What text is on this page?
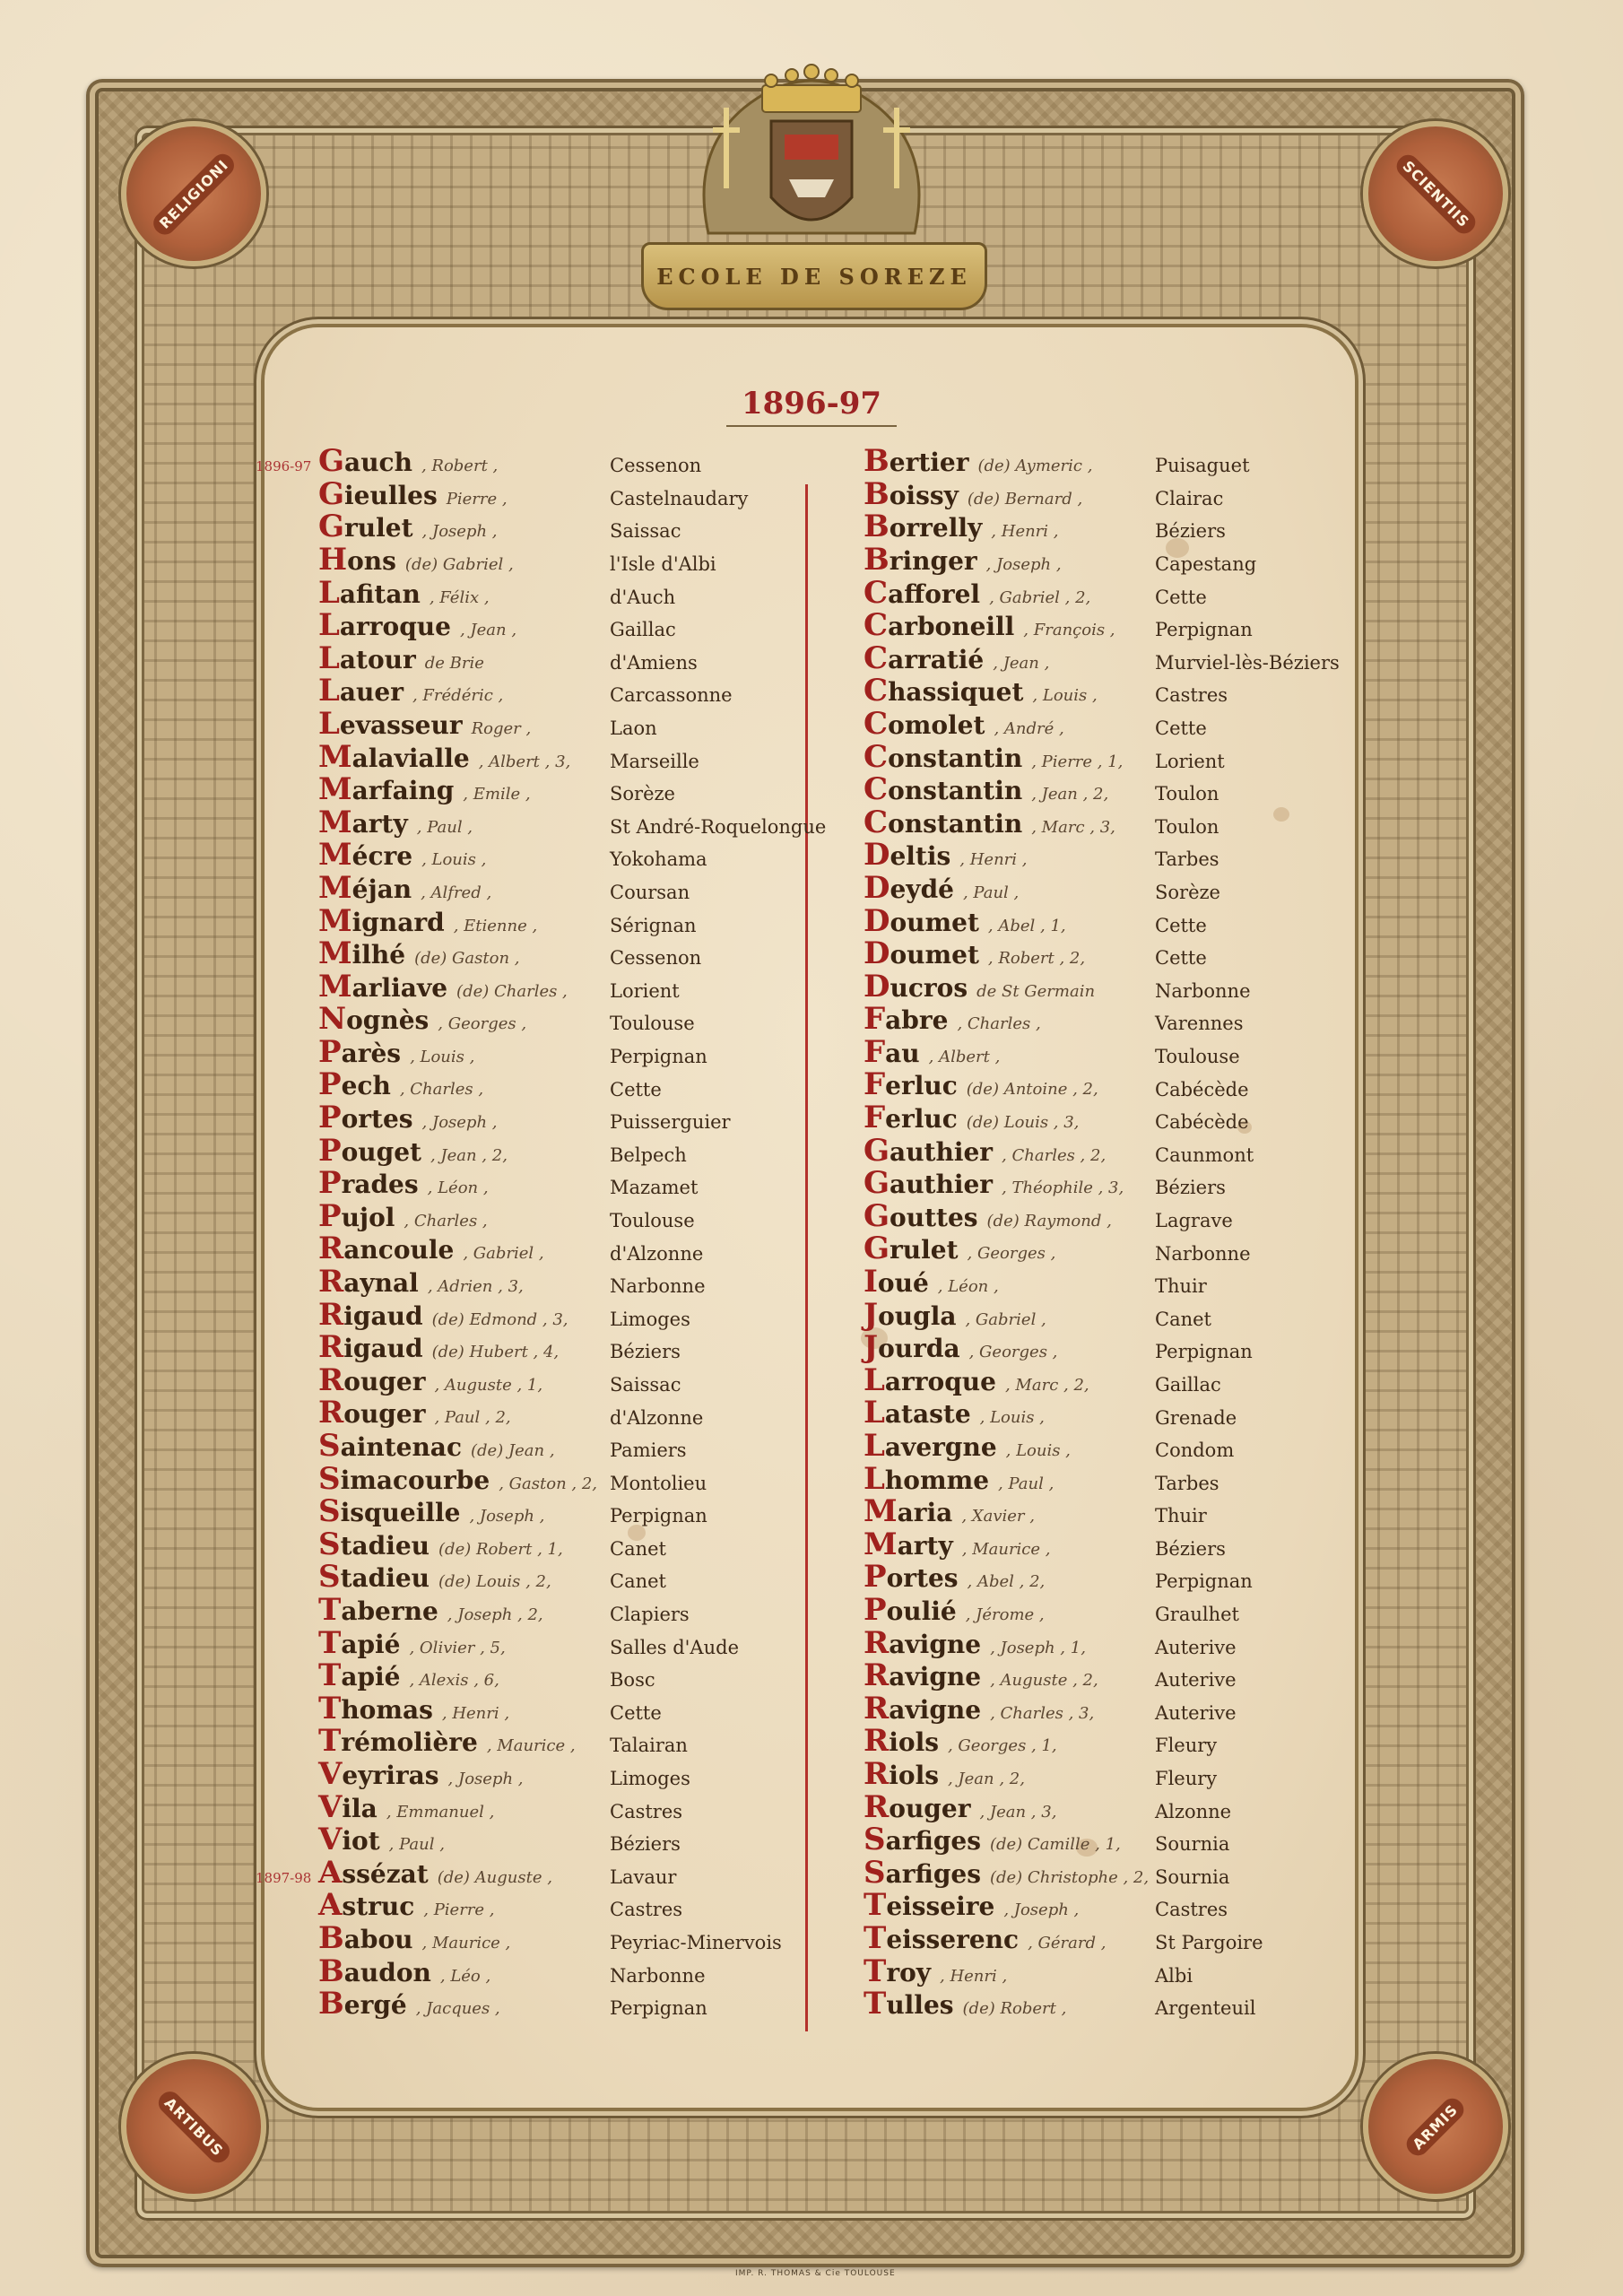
ECOLE DE SOREZE
RELIGIONI	SCIENTIIS
ARTIBUS	ARMIS
1896-97
1896-97 Gauch , Robert ,	Cessenon
Gieulles Pierre ,	Castelnaudary
Grulet , Joseph ,	Saissac
Hons (de) Gabriel ,	l'Isle d'Albi
Lafitan , Félix ,	d'Auch
Larroque , Jean ,	Gaillac
Latour de Brie	d'Amiens
Lauer , Frédéric ,	Carcassonne
Levasseur Roger ,	Laon
Malavialle , Albert , 3, Marseille
Marfaing , Emile ,	Sorèze
Marty , Paul ,	St André-Roquelongue
Mécre , Louis ,	Yokohama
Méjan , Alfred ,	Coursan
Mignard , Etienne ,	Sérignan
Milhé (de) Gaston ,	Cessenon
Marliave (de) Charles , Lorient
Nognès , Georges ,	Toulouse
Parès , Louis ,	Perpignan
Pech , Charles ,	Cette
Portes , Joseph ,	Puisserguier
Pouget , Jean , 2,	Belpech
Prades , Léon ,	Mazamet
Pujol , Charles ,	Toulouse
Rancoule , Gabriel ,	d'Alzonne
Raynal , Adrien , 3,	Narbonne
Rigaud (de) Edmond , 3, Limoges
Rigaud (de) Hubert , 4,	Béziers
Rouger , Auguste , 1,	Saissac
Rouger , Paul , 2,	d'Alzonne
Saintenac (de) Jean ,	Pamiers
Simacourbe , Gaston , 2, Montolieu
Sisqueille , Joseph ,	Perpignan
Stadieu (de) Robert , 1, Canet
Stadieu (de) Louis , 2,	Canet
Taberne , Joseph , 2,	Clapiers
Tapié , Olivier , 5,	Salles d'Aude
Tapié , Alexis , 6,	Bosc
Thomas , Henri ,	Cette
Trémolière , Maurice , Talairan
Veyriras , Joseph ,	Limoges
Vila , Emmanuel ,	Castres
Viot , Paul ,	Béziers
1897-98 Assézat (de) Auguste ,	Lavaur
Astruc , Pierre ,	Castres
Babou , Maurice ,	Peyriac-Minervois
Baudon , Léo ,	Narbonne
Bergé , Jacques ,	Perpignan
Bertier (de) Aymeric ,	Puisaguet
Boissy (de) Bernard ,	Clairac
Borrelly , Henri ,	Béziers
Bringer , Joseph ,	Capestang
Cafforel , Gabriel , 2,	Cette
Carboneill , François , Perpignan
Carratié , Jean ,	Murviel-lès-Béziers
Chassiquet , Louis ,	Castres
Comolet , André ,	Cette
Constantin , Pierre , 1, Lorient
Constantin , Jean , 2, Toulon
Constantin , Marc , 3, Toulon
Deltis , Henri ,	Tarbes
Deydé , Paul ,	Sorèze
Doumet , Abel , 1,	Cette
Doumet , Robert , 2,	Cette
Ducros de St Germain	Narbonne
Fabre , Charles ,	Varennes
Fau , Albert ,	Toulouse
Ferluc (de) Antoine , 2,	Cabécède
Ferluc (de) Louis , 3,	Cabécède
Gauthier , Charles , 2,	Caunmont
Gauthier , Théophile , 3, Béziers
Gouttes (de) Raymond , Lagrave
Grulet , Georges ,	Narbonne
Ioué , Léon ,	Thuir
Jougla , Gabriel ,	Canet
Jourda , Georges ,	Perpignan
Larroque , Marc , 2,	Gaillac
Lataste , Louis ,	Grenade
Lavergne , Louis ,	Condom
Lhomme , Paul ,	Tarbes
Maria , Xavier ,	Thuir
Marty , Maurice ,	Béziers
Portes , Abel , 2,	Perpignan
Poulié , Jérome ,	Graulhet
Ravigne , Joseph , 1,	Auterive
Ravigne , Auguste , 2,	Auterive
Ravigne , Charles , 3,	Auterive
Riols , Georges , 1,	Fleury
Riols , Jean , 2,	Fleury
Rouger , Jean , 3,	Alzonne
Sarfiges (de) Camille , 1, Sournia
Sarfiges (de) Christophe , 2, Sournia
Teisseire , Joseph ,	Castres
Teisserenc , Gérard ,	St Pargoire
Troy , Henri ,	Albi
Tulles (de) Robert ,	Argenteuil
IMP. R. THOMAS & Cie TOULOUSE
